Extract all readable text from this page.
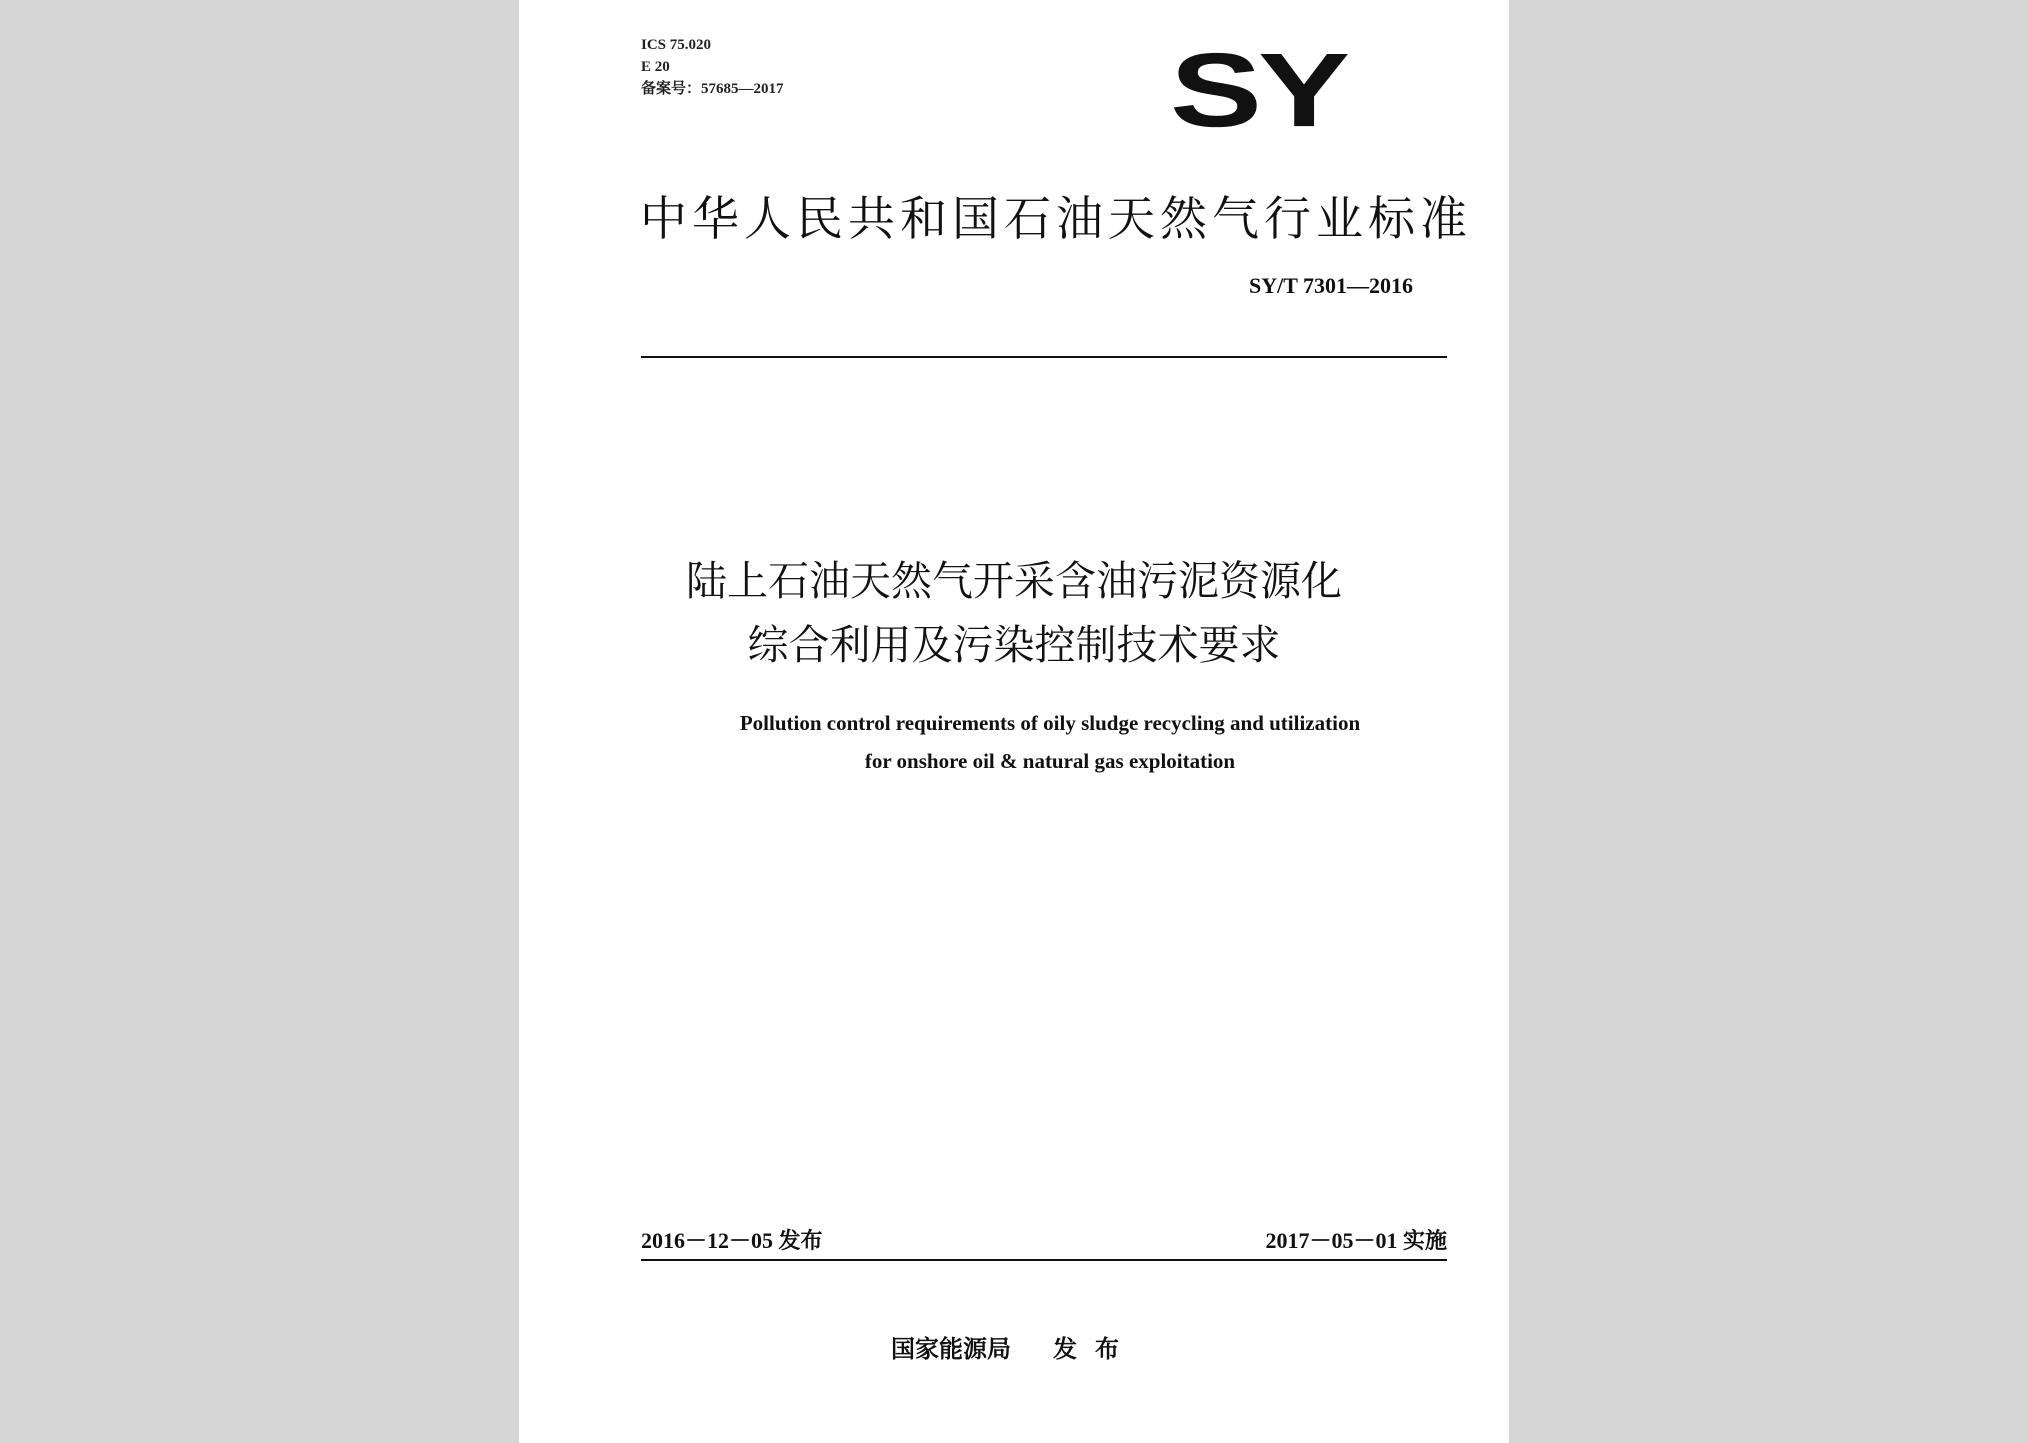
ICS 75.020
E 20
备案号：57685—2017	SY
中华人民共和国石油天然气行业标准
SY/T 7301—2016
陆上石油天然气开采含油污泥资源化
综合利用及污染控制技术要求
Pollution control requirements of oily sludge recycling and utilization
for onshore oil & natural gas exploitation
2016－12－05 发布	2017－05－01 实施
国家能源局 发布
